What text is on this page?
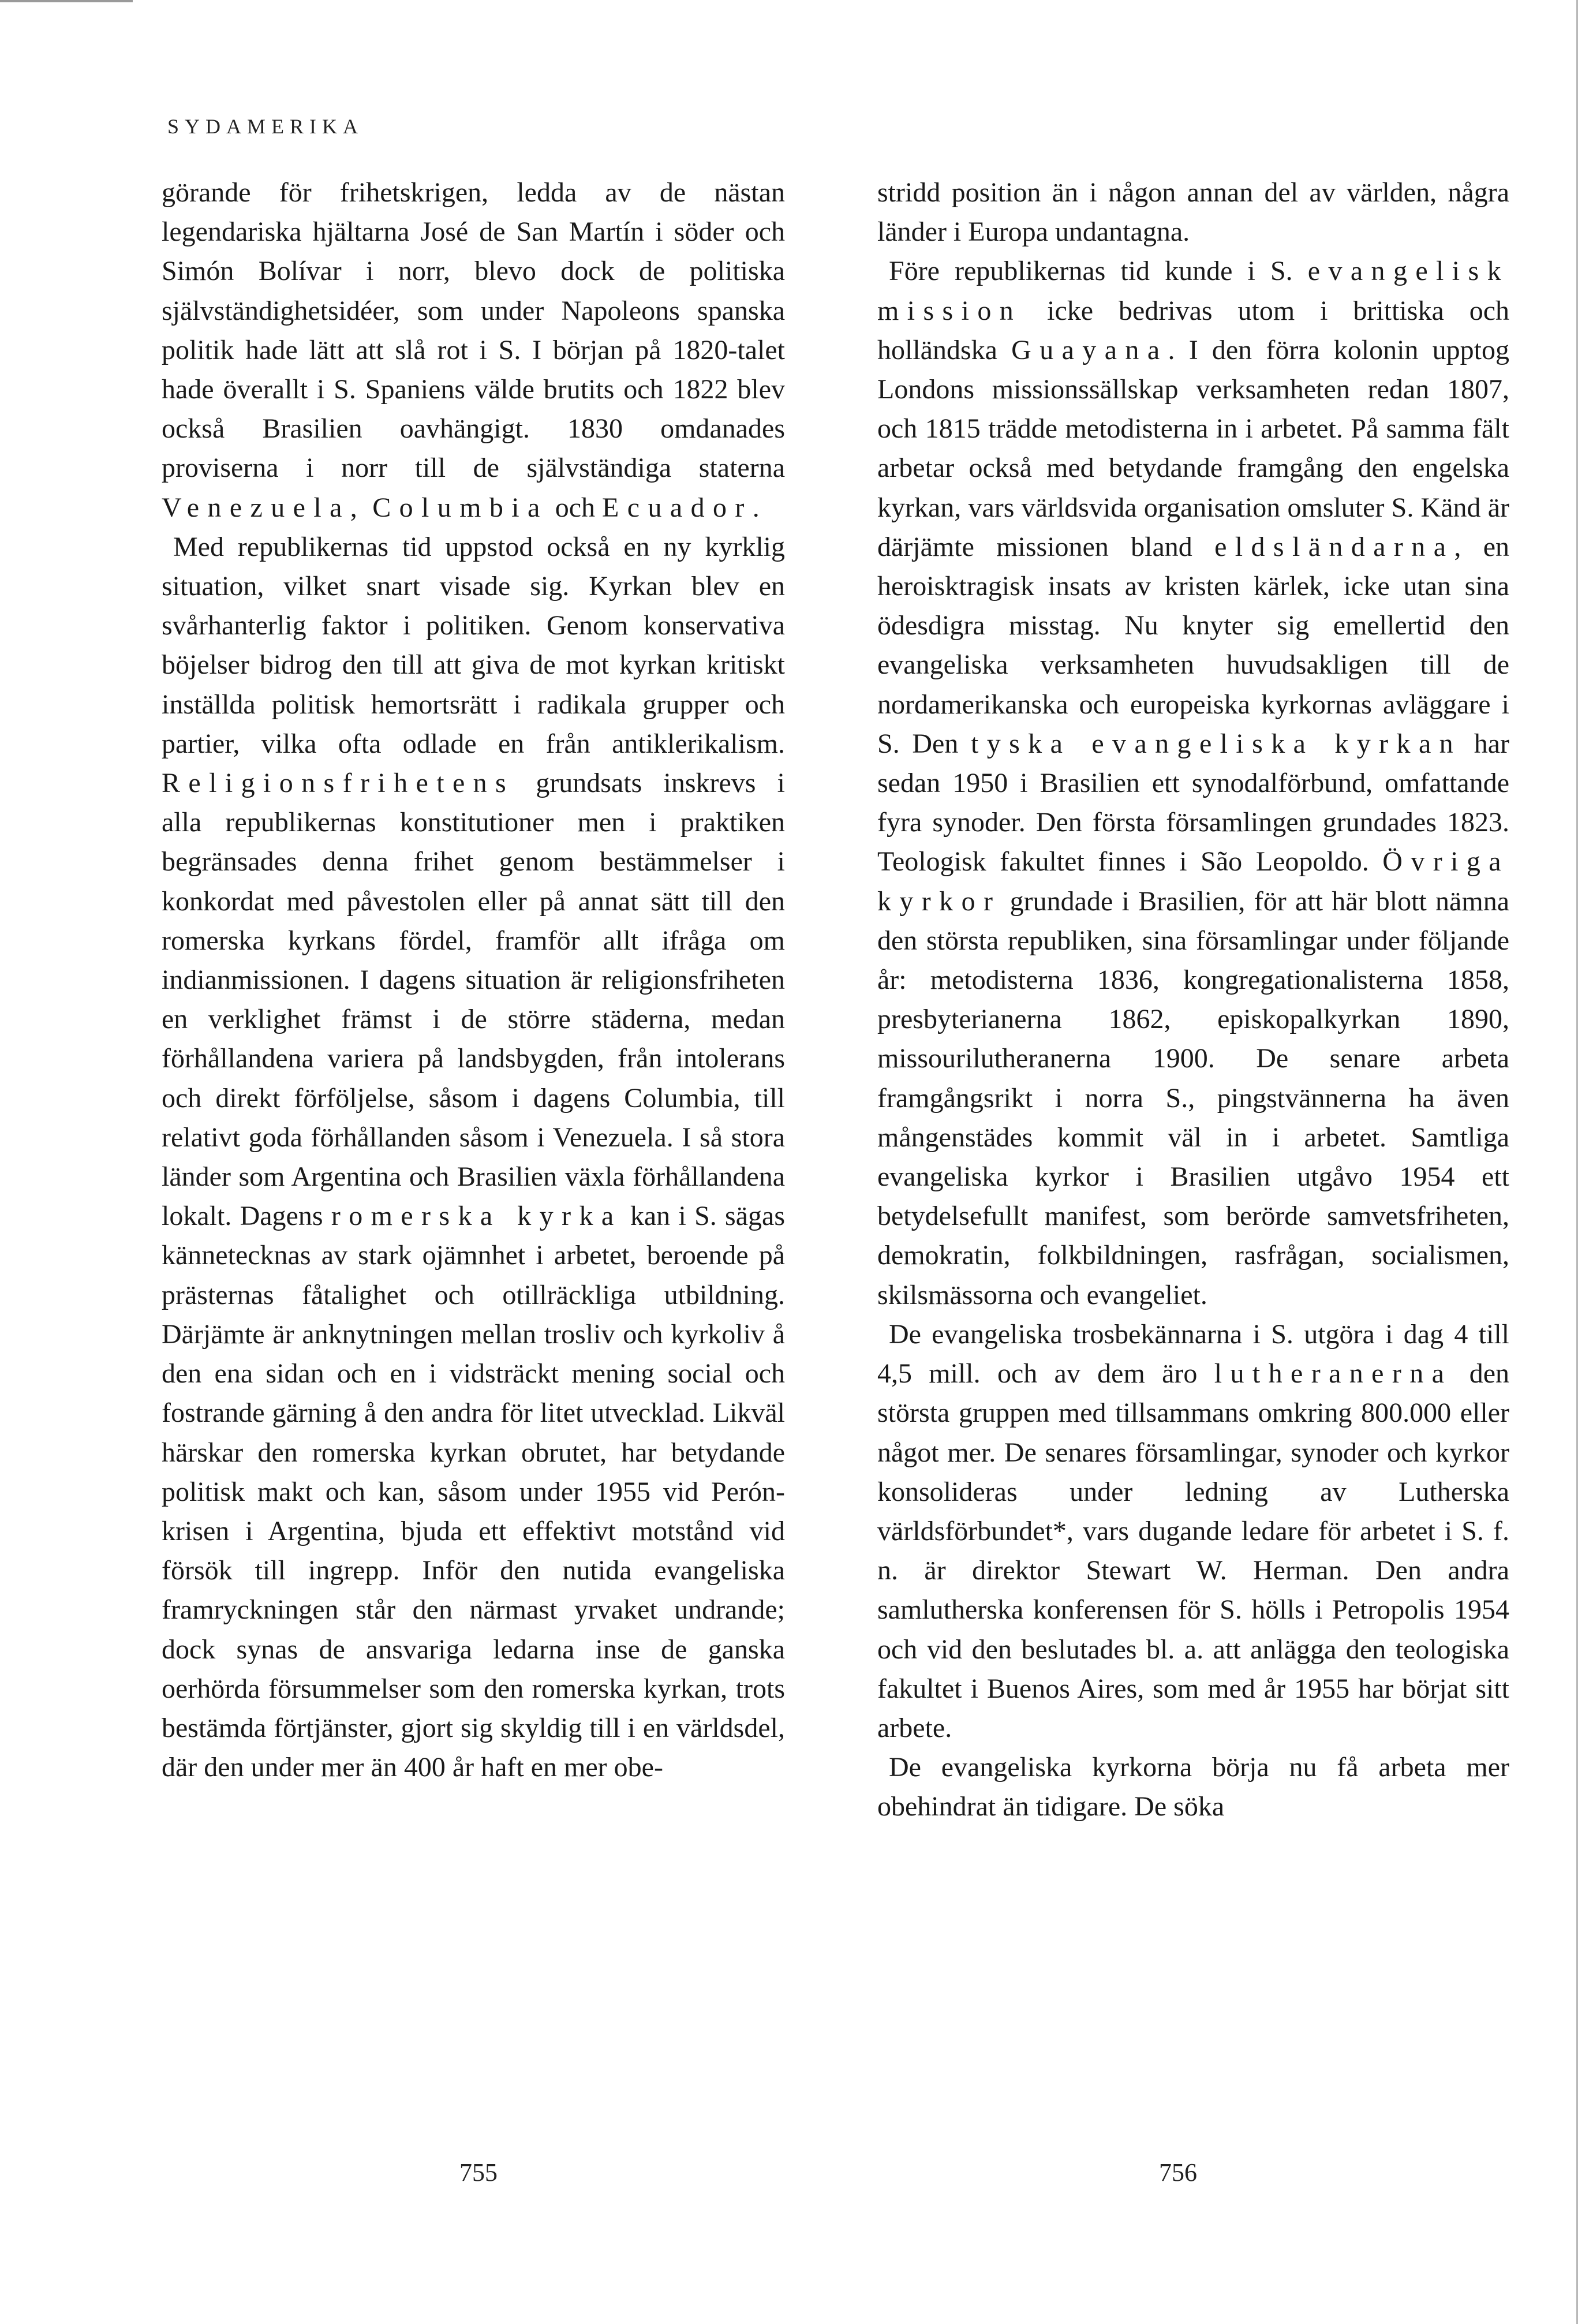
SYDAMERIKA

görande för frihetskrigen, ledda av de nästan legendariska hjältarna José de San Martín i söder och Simón Bolívar i norr, blevo dock de politiska självständighetsidéer, som under Napoleons spanska politik hade lätt att slå rot i S. I början på 1820-talet hade överallt i S. Spaniens välde brutits och 1822 blev också Brasilien oavhängigt. 1830 omdanades proviserna i norr till de självständiga staterna Venezuela, Columbia och Ecuador.

Med republikernas tid uppstod också en ny kyrklig situation, vilket snart visade sig. Kyrkan blev en svårhanterlig faktor i politiken. Genom konservativa böjelser bidrog den till att giva de mot kyrkan kritiskt inställda politisk hemortsrätt i radikala grupper och partier, vilka ofta odlade en från antiklerikalism. Religionsfrihetens grundsats inskrevs i alla republikernas konstitutioner men i praktiken begränsades denna frihet genom bestämmelser i konkordat med påvestolen eller på annat sätt till den romerska kyrkans fördel, framför allt ifråga om indianmissionen. I dagens situation är religionsfriheten en verklighet främst i de större städerna, medan förhållandena variera på landsbygden, från intolerans och direkt förföljelse, såsom i dagens Columbia, till relativt goda förhållanden såsom i Venezuela. I så stora länder som Argentina och Brasilien växla förhållandena lokalt. Dagens romerska kyrka kan i S. sägas kännetecknas av stark ojämnhet i arbetet, beroende på prästernas fåtalighet och otillräckliga utbildning. Därjämte är anknytningen mellan trosliv och kyrkoliv å den ena sidan och en i vidsträckt mening social och fostrande gärning å den andra för litet utvecklad. Likväl härskar den romerska kyrkan obrutet, har betydande politisk makt och kan, såsom under 1955 vid Perón-krisen i Argentina, bjuda ett effektivt motstånd vid försök till ingrepp. Inför den nutida evangeliska framryckningen står den närmast yrvaket undrande; dock synas de ansvariga ledarna inse de ganska oerhörda försummelser som den romerska kyrkan, trots bestämda förtjänster, gjort sig skyldig till i en världsdel, där den under mer än 400 år haft en mer obe-

stridd position än i någon annan del av världen, några länder i Europa undantagna.

Före republikernas tid kunde i S. evangelisk mission icke bedrivas utom i brittiska och holländska Guayana. I den förra kolonin upptog Londons missionssällskap verksamheten redan 1807, och 1815 trädde metodisterna in i arbetet. På samma fält arbetar också med betydande framgång den engelska kyrkan, vars världsvida organisation omsluter S. Känd är därjämte missionen bland eldsländarna, en heroisktragisk insats av kristen kärlek, icke utan sina ödesdigra misstag. Nu knyter sig emellertid den evangeliska verksamheten huvudsakligen till de nordamerikanska och europeiska kyrkornas avläggare i S. Den tyska evangeliska kyrkan har sedan 1950 i Brasilien ett synodalförbund, omfattande fyra synoder. Den första församlingen grundades 1823. Teologisk fakultet finnes i São Leopoldo. Övriga kyrkor grundade i Brasilien, för att här blott nämna den största republiken, sina församlingar under följande år: metodisterna 1836, kongregationalisterna 1858, presbyterianerna 1862, episkopalkyrkan 1890, missourilutheranerna 1900. De senare arbeta framgångsrikt i norra S., pingstvännerna ha även mångenstädes kommit väl in i arbetet. Samtliga evangeliska kyrkor i Brasilien utgåvo 1954 ett betydelsefullt manifest, som berörde samvetsfriheten, demokratin, folkbildningen, rasfrågan, socialismen, skilsmässorna och evangeliet.

De evangeliska trosbekännarna i S. utgöra i dag 4 till 4,5 mill. och av dem äro lutheranerna den största gruppen med tillsammans omkring 800.000 eller något mer. De senares församlingar, synoder och kyrkor konsolideras under ledning av Lutherska världsförbundet*, vars dugande ledare för arbetet i S. f. n. är direktor Stewart W. Herman. Den andra samlutherska konferensen för S. hölls i Petropolis 1954 och vid den beslutades bl. a. att anlägga den teologiska fakultet i Buenos Aires, som med år 1955 har börjat sitt arbete.

De evangeliska kyrkorna börja nu få arbeta mer obehindrat än tidigare. De söka

755	756
